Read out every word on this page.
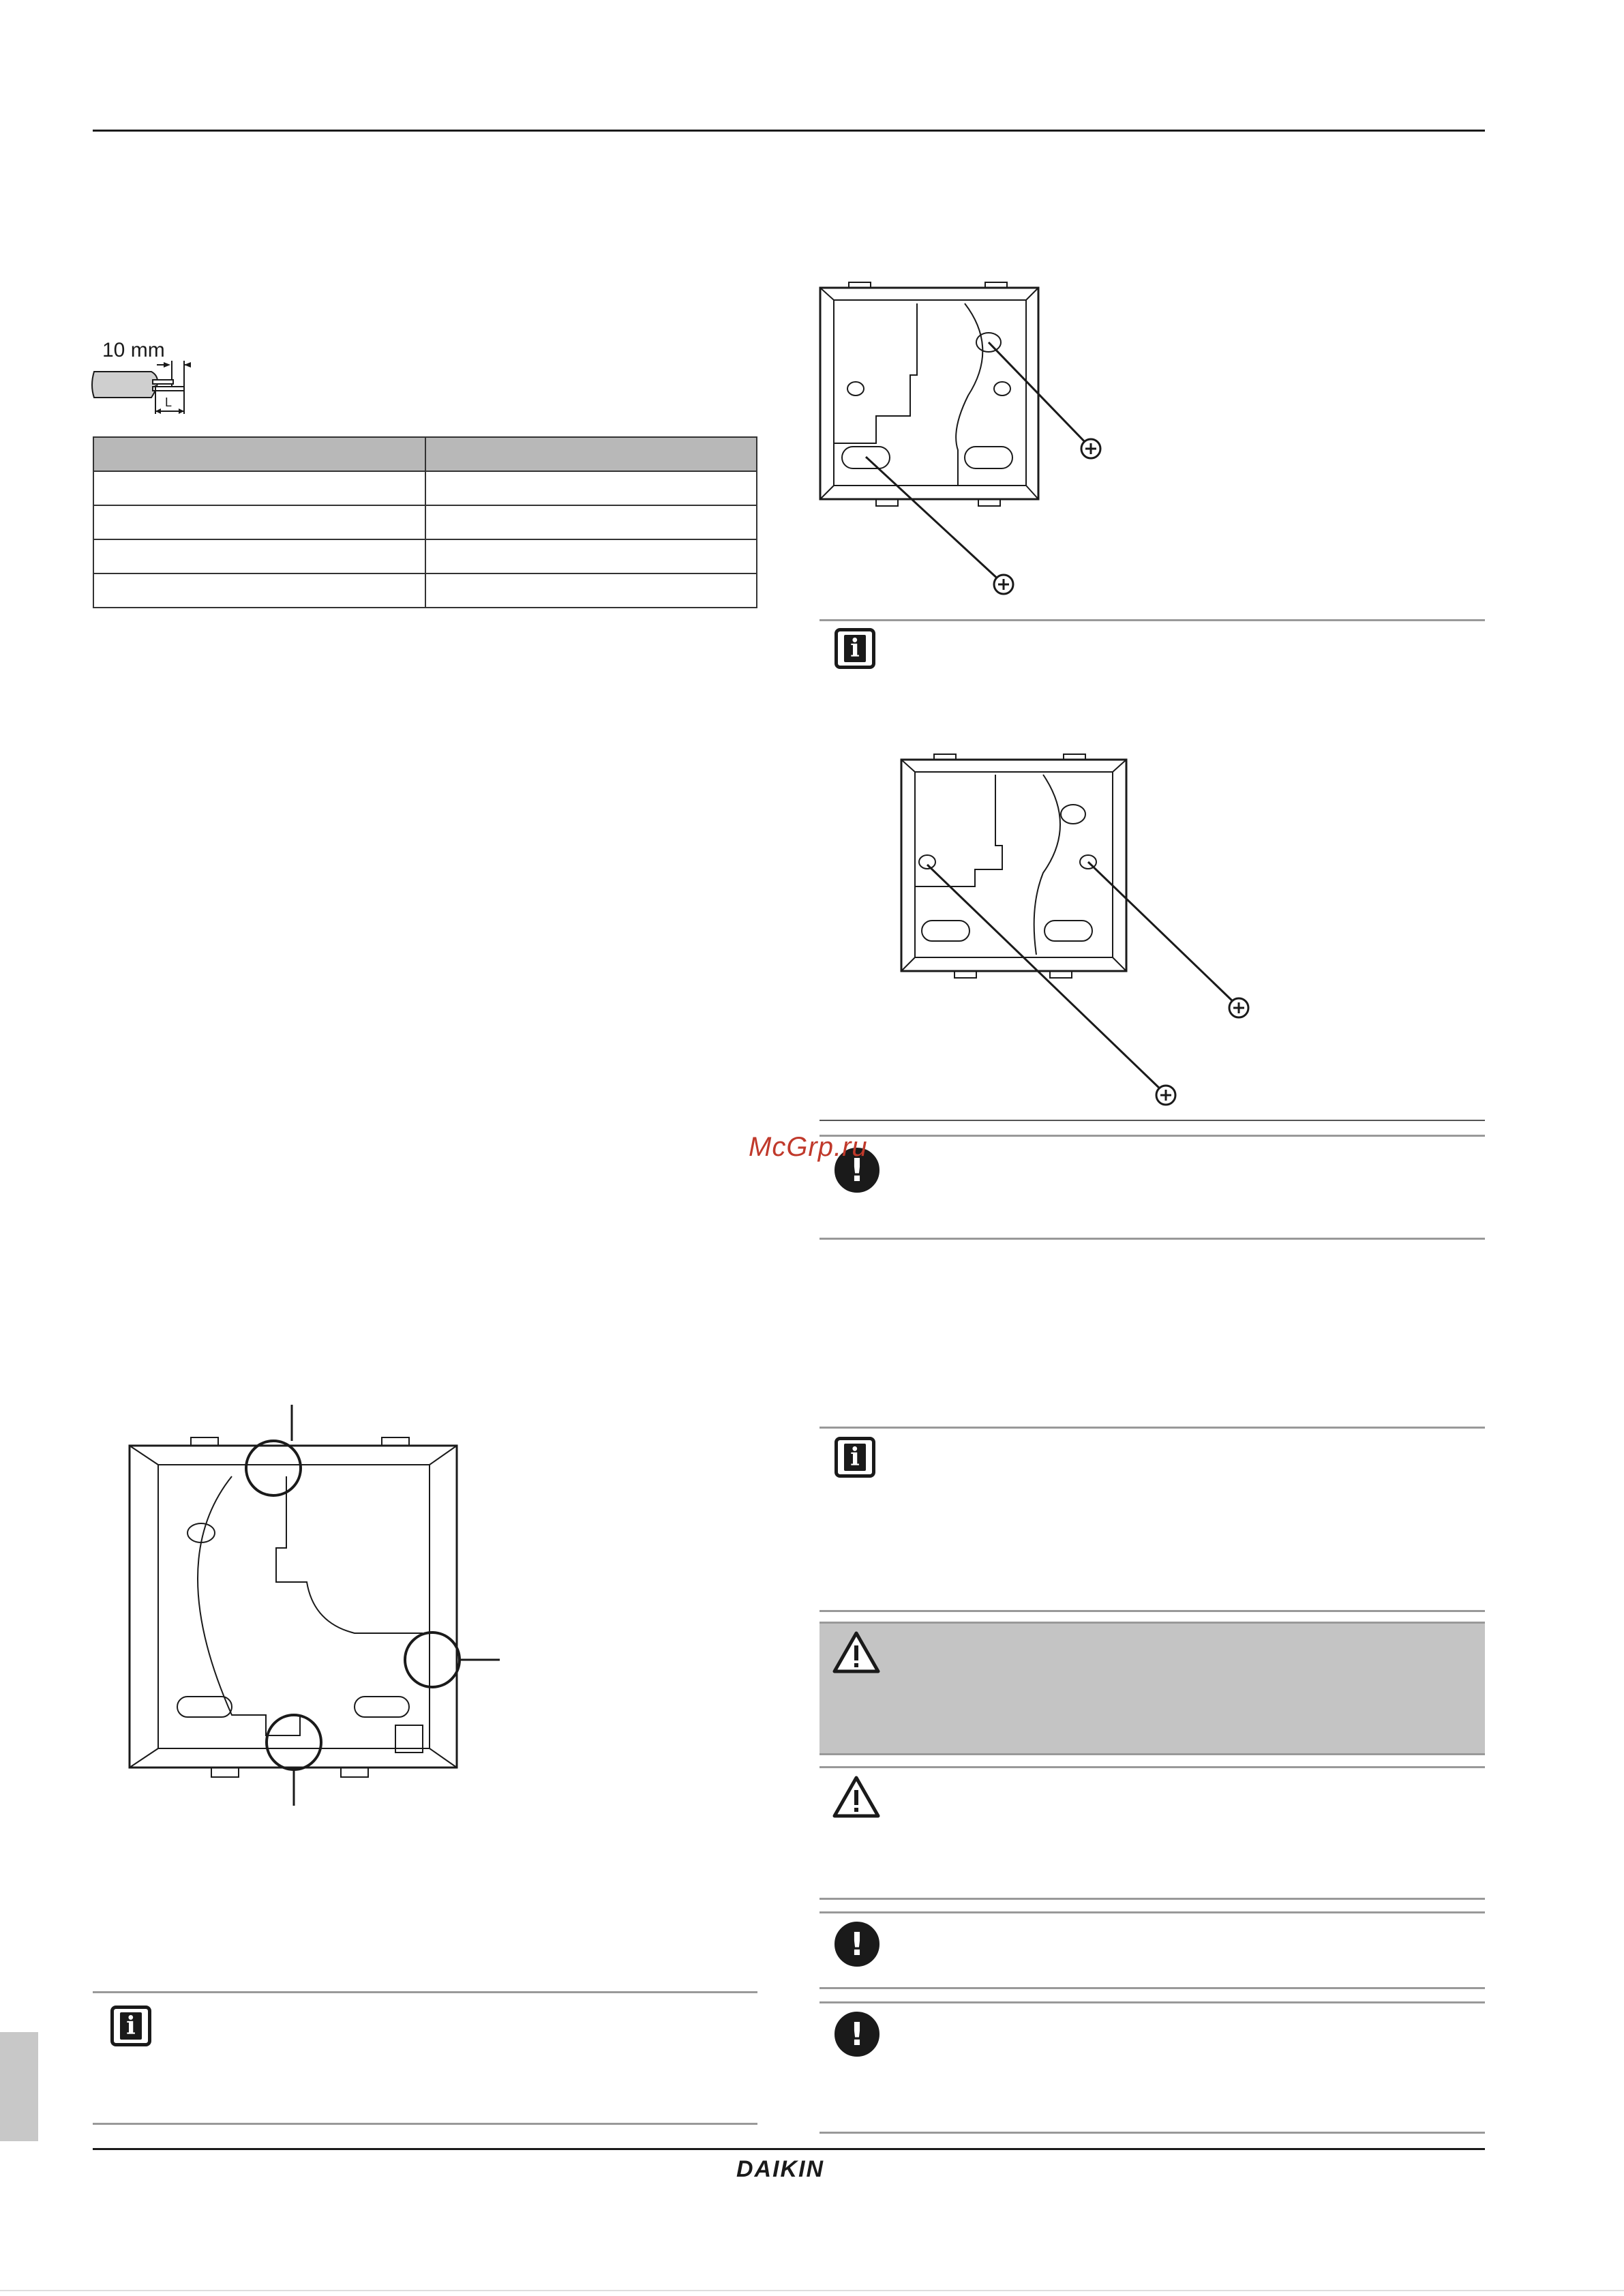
10 mm
L

i
i
!
i
!
!
McGrp.ru
DAIKIN
